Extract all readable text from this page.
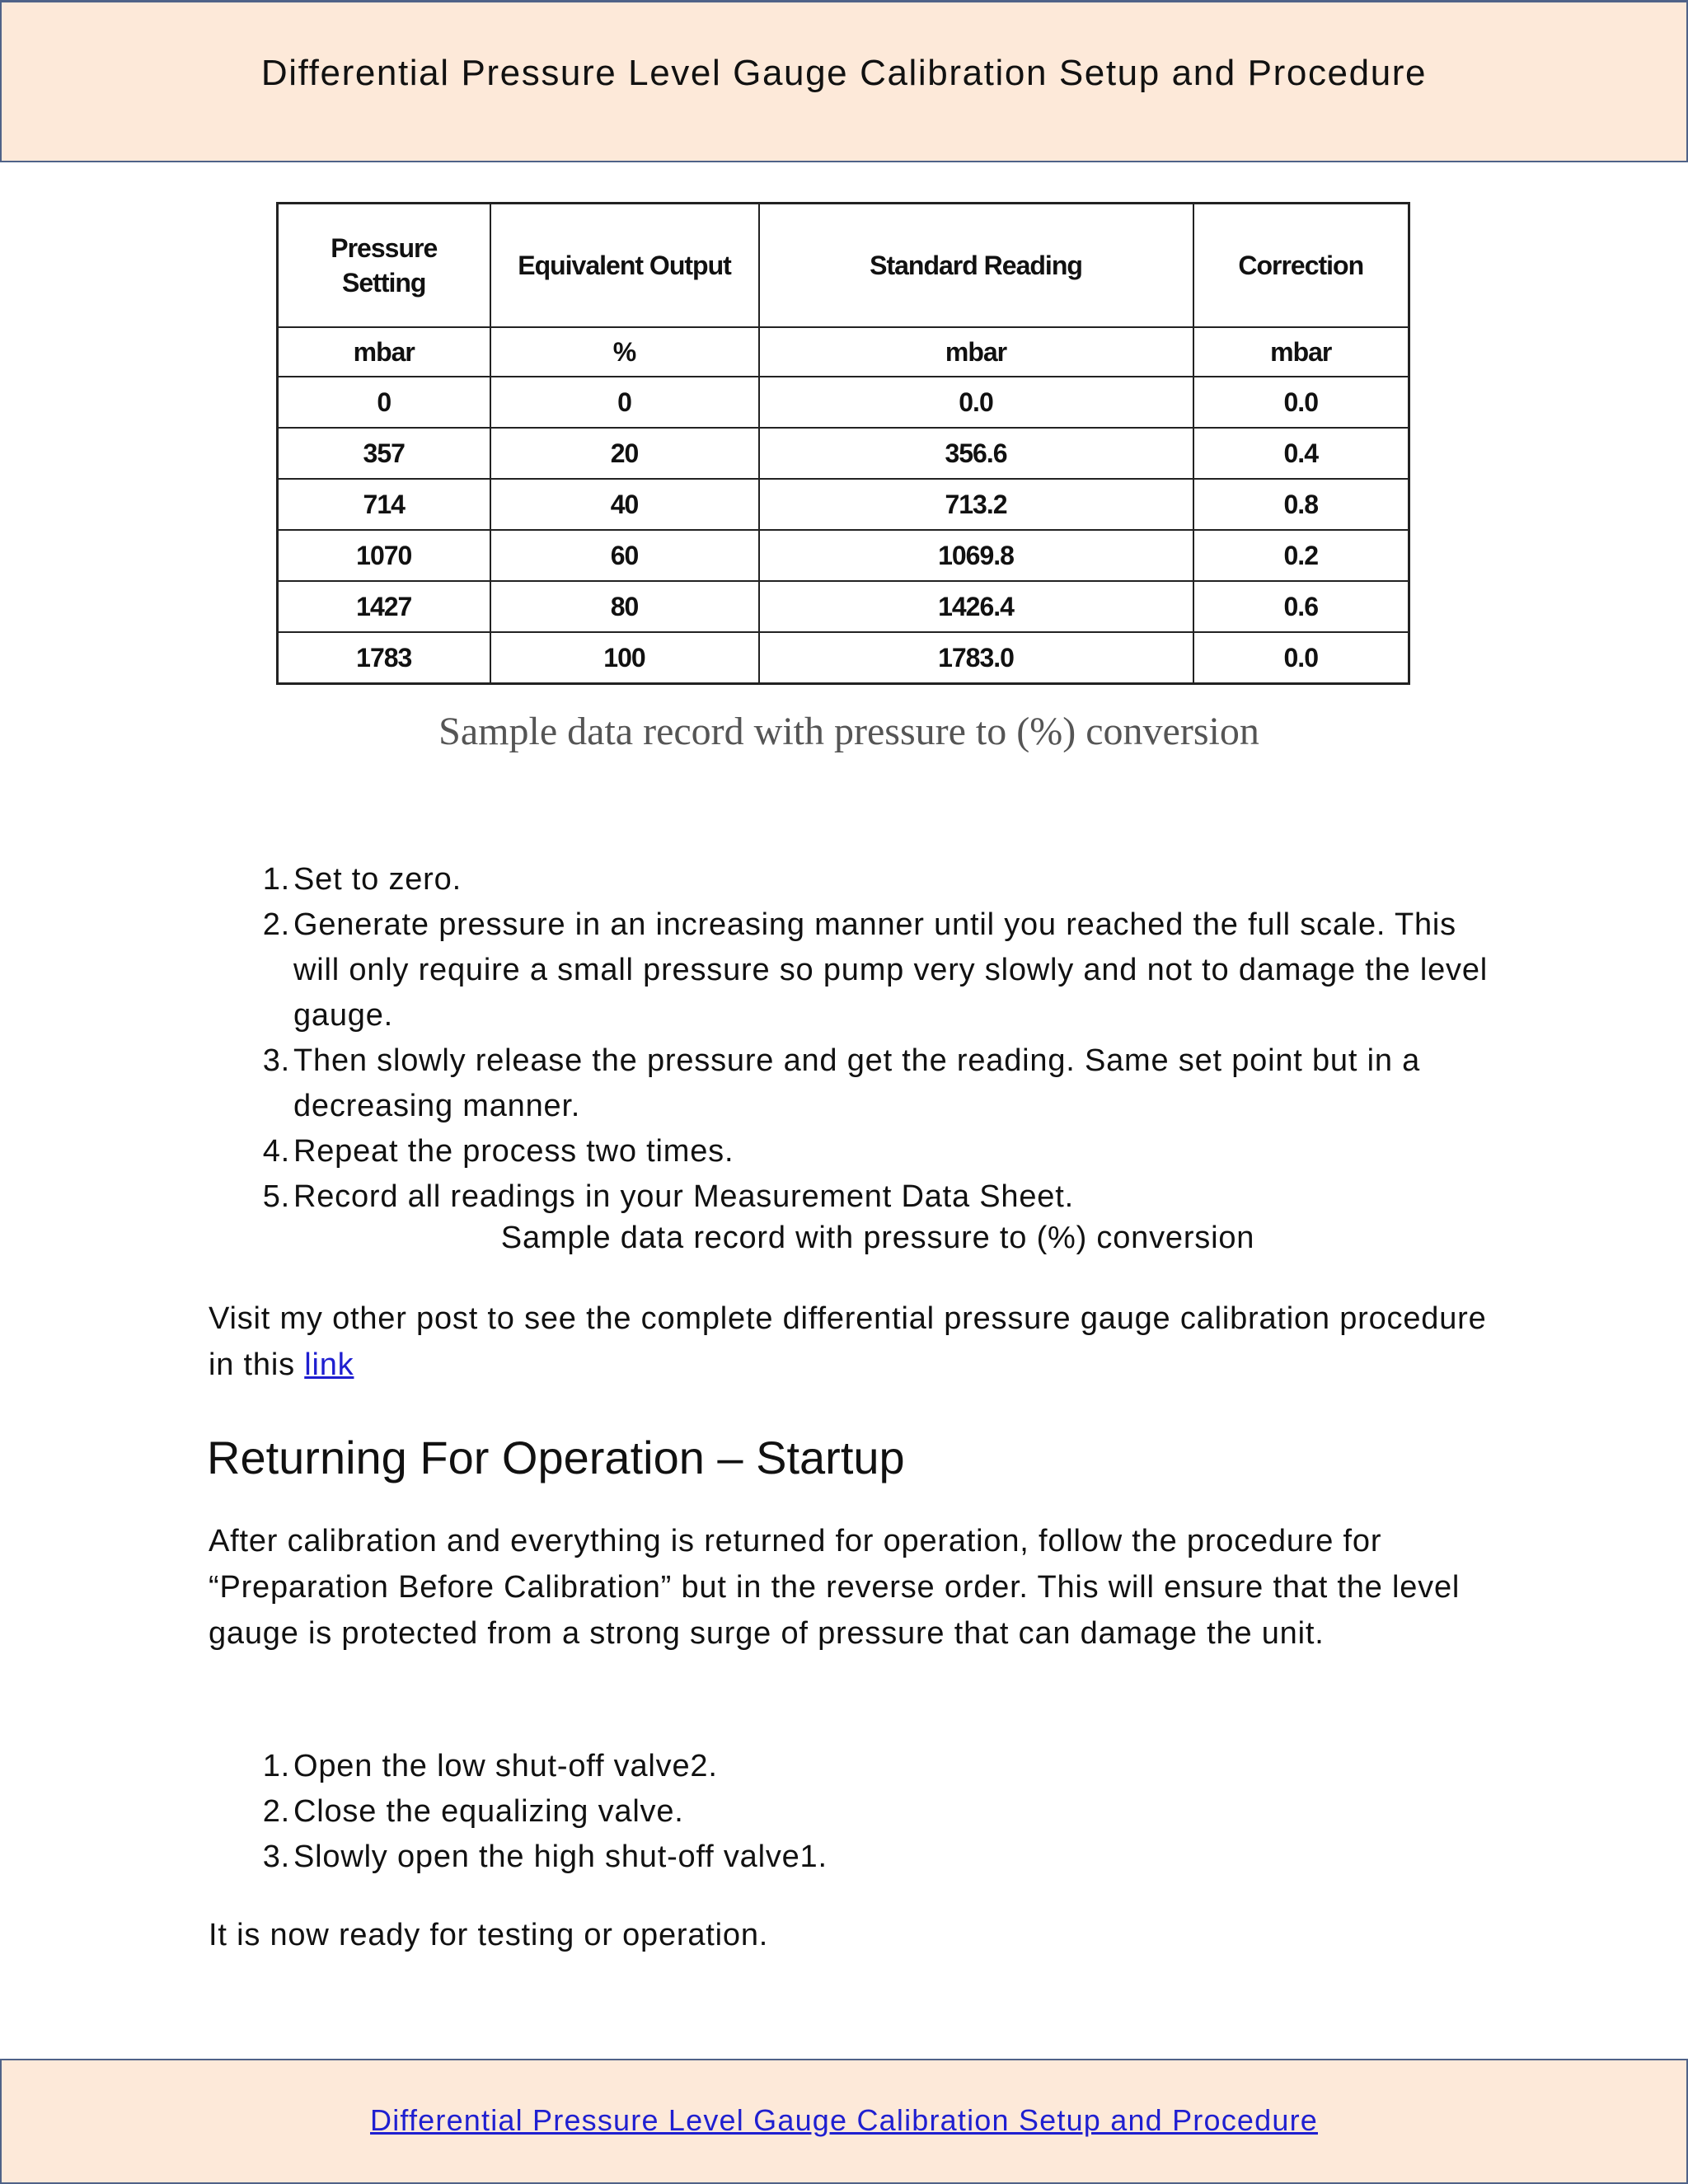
Differential Pressure Level Gauge Calibration Setup and Procedure
Pressure Setting	Equivalent Output	Standard Reading	Correction
mbar	%	mbar	mbar
0	0	0.0	0.0
357	20	356.6	0.4
714	40	713.2	0.8
1070	60	1069.8	0.2
1427	80	1426.4	0.6
1783	100	1783.0	0.0
Sample data record with pressure to (%) conversion
1. Set to zero.
2. Generate pressure in an increasing manner until you reached the full scale. This will only require a small pressure so pump very slowly and not to damage the level gauge.
3. Then slowly release the pressure and get the reading. Same set point but in a decreasing manner.
4. Repeat the process two times.
5. Record all readings in your Measurement Data Sheet.
Sample data record with pressure to (%) conversion

Visit my other post to see the complete differential pressure gauge calibration procedure in this link

Returning For Operation – Startup

After calibration and everything is returned for operation, follow the procedure for “Preparation Before Calibration” but in the reverse order. This will ensure that the level gauge is protected from a strong surge of pressure that can damage the unit.

1. Open the low shut-off valve2.
2. Close the equalizing valve.
3. Slowly open the high shut-off valve1.

It is now ready for testing or operation.

Differential Pressure Level Gauge Calibration Setup and Procedure
